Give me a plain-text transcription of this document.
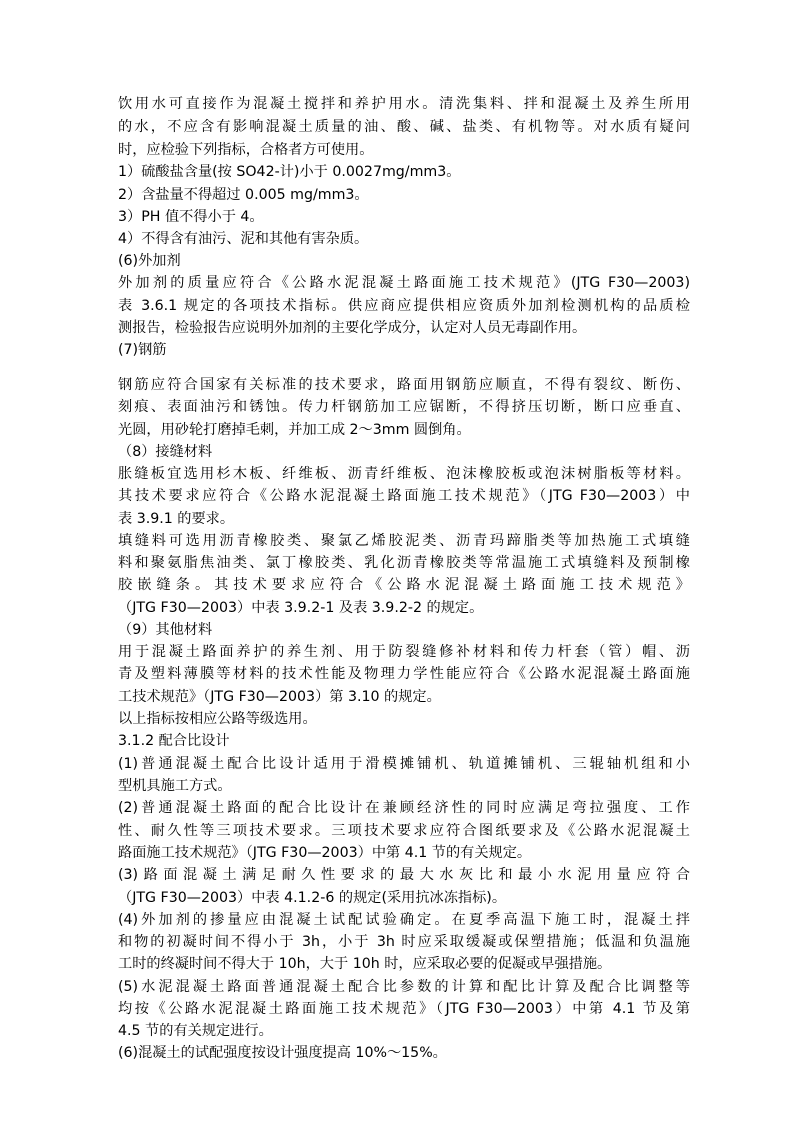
饮用水可直接作为混凝土搅拌和养护用水。清洗集料、拌和混凝土及养生所用
的水，不应含有影响混凝土质量的油、酸、碱、盐类、有机物等。对水质有疑问
时，应检验下列指标，合格者方可使用。
1）硫酸盐含量(按 SO42-计)小于 0.0027mg/mm3。
2）含盐量不得超过 0.005 mg/mm3。
3）PH 值不得小于 4。
4）不得含有油污、泥和其他有害杂质。
(6)外加剂
外加剂的质量应符合《公路水泥混凝土路面施工技术规范》(JTG F30—2003)
表 3.6.1 规定的各项技术指标。供应商应提供相应资质外加剂检测机构的品质检
测报告，检验报告应说明外加剂的主要化学成分，认定对人员无毒副作用。
(7)钢筋
钢筋应符合国家有关标准的技术要求，路面用钢筋应顺直，不得有裂纹、断伤、
刻痕、表面油污和锈蚀。传力杆钢筋加工应锯断，不得挤压切断，断口应垂直、
光圆，用砂轮打磨掉毛刺，并加工成 2～3mm 圆倒角。
（8）接缝材料
胀缝板宜选用杉木板、纤维板、沥青纤维板、泡沫橡胶板或泡沫树脂板等材料。
其技术要求应符合《公路水泥混凝土路面施工技术规范》（JTG F30—2003）中
表 3.9.1 的要求。
填缝料可选用沥青橡胶类、聚氯乙烯胶泥类、沥青玛蹄脂类等加热施工式填缝
料和聚氨脂焦油类、氯丁橡胶类、乳化沥青橡胶类等常温施工式填缝料及预制橡
胶嵌缝条。其技术要求应符合《公路水泥混凝土路面施工技术规范》
（JTG F30—2003）中表 3.9.2-1 及表 3.9.2-2 的规定。
（9）其他材料
用于混凝土路面养护的养生剂、用于防裂缝修补材料和传力杆套（管）帽、沥
青及塑料薄膜等材料的技术性能及物理力学性能应符合《公路水泥混凝土路面施
工技术规范》（JTG F30—2003）第 3.10 的规定。
以上指标按相应公路等级选用。
3.1.2 配合比设计
(1)普通混凝土配合比设计适用于滑模摊铺机、轨道摊铺机、三辊轴机组和小
型机具施工方式。
(2)普通混凝土路面的配合比设计在兼顾经济性的同时应满足弯拉强度、工作
性、耐久性等三项技术要求。三项技术要求应符合图纸要求及《公路水泥混凝土
路面施工技术规范》（JTG F30—2003）中第 4.1 节的有关规定。
(3)路面混凝土满足耐久性要求的最大水灰比和最小水泥用量应符合
（JTG F30—2003）中表 4.1.2-6 的规定(采用抗冰冻指标)。
(4)外加剂的掺量应由混凝土试配试验确定。在夏季高温下施工时，混凝土拌
和物的初凝时间不得小于 3h，小于 3h 时应采取缓凝或保塑措施；低温和负温施
工时的终凝时间不得大于 10h，大于 10h 时，应采取必要的促凝或早强措施。
(5)水泥混凝土路面普通混凝土配合比参数的计算和配比计算及配合比调整等
均按《公路水泥混凝土路面施工技术规范》（JTG F30—2003）中第 4.1 节及第
4.5 节的有关规定进行。
(6)混凝土的试配强度按设计强度提高 10%～15%。
